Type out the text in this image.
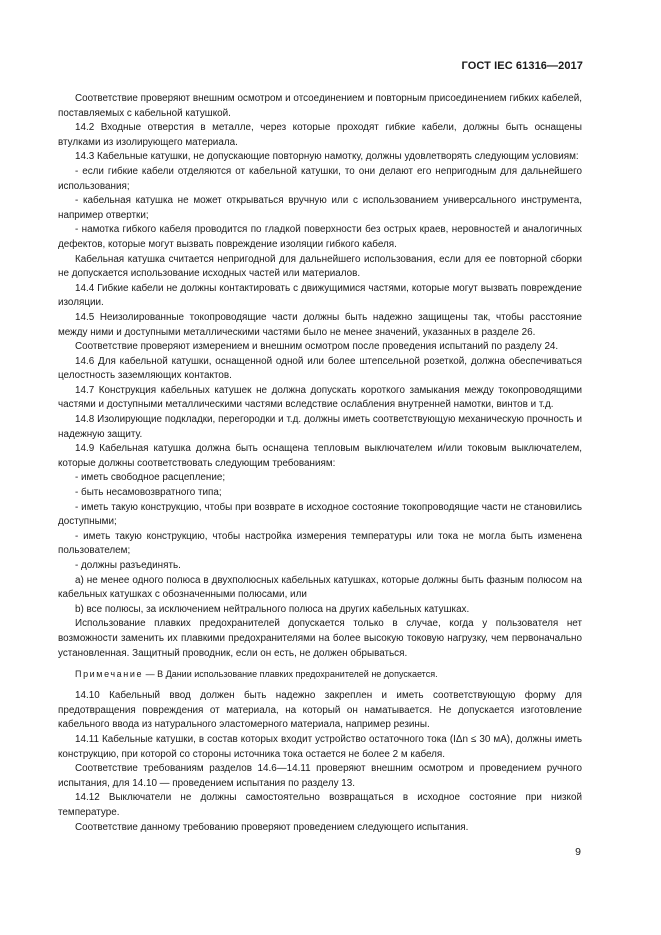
ГОСТ IEC 61316—2017

Соответствие проверяют внешним осмотром и отсоединением и повторным присоединением гибких кабелей, поставляемых с кабельной катушкой.

14.2 Входные отверстия в металле, через которые проходят гибкие кабели, должны быть оснащены втулками из изолирующего материала.

14.3 Кабельные катушки, не допускающие повторную намотку, должны удовлетворять следующим условиям:

- если гибкие кабели отделяются от кабельной катушки, то они делают его непригодным для дальнейшего использования;

- кабельная катушка не может открываться вручную или с использованием универсального инструмента, например отвертки;

- намотка гибкого кабеля проводится по гладкой поверхности без острых краев, неровностей и аналогичных дефектов, которые могут вызвать повреждение изоляции гибкого кабеля.

Кабельная катушка считается непригодной для дальнейшего использования, если для ее повторной сборки не допускается использование исходных частей или материалов.

14.4 Гибкие кабели не должны контактировать с движущимися частями, которые могут вызвать повреждение изоляции.

14.5 Неизолированные токопроводящие части должны быть надежно защищены так, чтобы расстояние между ними и доступными металлическими частями было не менее значений, указанных в разделе 26.

Соответствие проверяют измерением и внешним осмотром после проведения испытаний по разделу 24.

14.6 Для кабельной катушки, оснащенной одной или более штепсельной розеткой, должна обеспечиваться целостность заземляющих контактов.

14.7 Конструкция кабельных катушек не должна допускать короткого замыкания между токопроводящими частями и доступными металлическими частями вследствие ослабления внутренней намотки, винтов и т.д.

14.8 Изолирующие подкладки, перегородки и т.д. должны иметь соответствующую механическую прочность и надежную защиту.

14.9 Кабельная катушка должна быть оснащена тепловым выключателем и/или токовым выключателем, которые должны соответствовать следующим требованиям:

- иметь свободное расцепление;

- быть несамовозвратного типа;

- иметь такую конструкцию, чтобы при возврате в исходное состояние токопроводящие части не становились доступными;

- иметь такую конструкцию, чтобы настройка измерения температуры или тока не могла быть изменена пользователем;

- должны разъединять.

a) не менее одного полюса в двухполюсных кабельных катушках, которые должны быть фазным полюсом на кабельных катушках с обозначенными полюсами, или

b) все полюсы, за исключением нейтрального полюса на других кабельных катушках.

Использование плавких предохранителей допускается только в случае, когда у пользователя нет возможности заменить их плавкими предохранителями на более высокую токовую нагрузку, чем первоначально установленная. Защитный проводник, если он есть, не должен обрываться.

Примечание — В Дании использование плавких предохранителей не допускается.

14.10 Кабельный ввод должен быть надежно закреплен и иметь соответствующую форму для предотвращения повреждения от материала, на который он наматывается. Не допускается изготовление кабельного ввода из натурального эластомерного материала, например резины.

14.11 Кабельные катушки, в состав которых входит устройство остаточного тока (IΔn ≤ 30 мА), должны иметь конструкцию, при которой со стороны источника тока остается не более 2 м кабеля.

Соответствие требованиям разделов 14.6—14.11 проверяют внешним осмотром и проведением ручного испытания, для 14.10 — проведением испытания по разделу 13.

14.12 Выключатели не должны самостоятельно возвращаться в исходное состояние при низкой температуре.

Соответствие данному требованию проверяют проведением следующего испытания.

9
